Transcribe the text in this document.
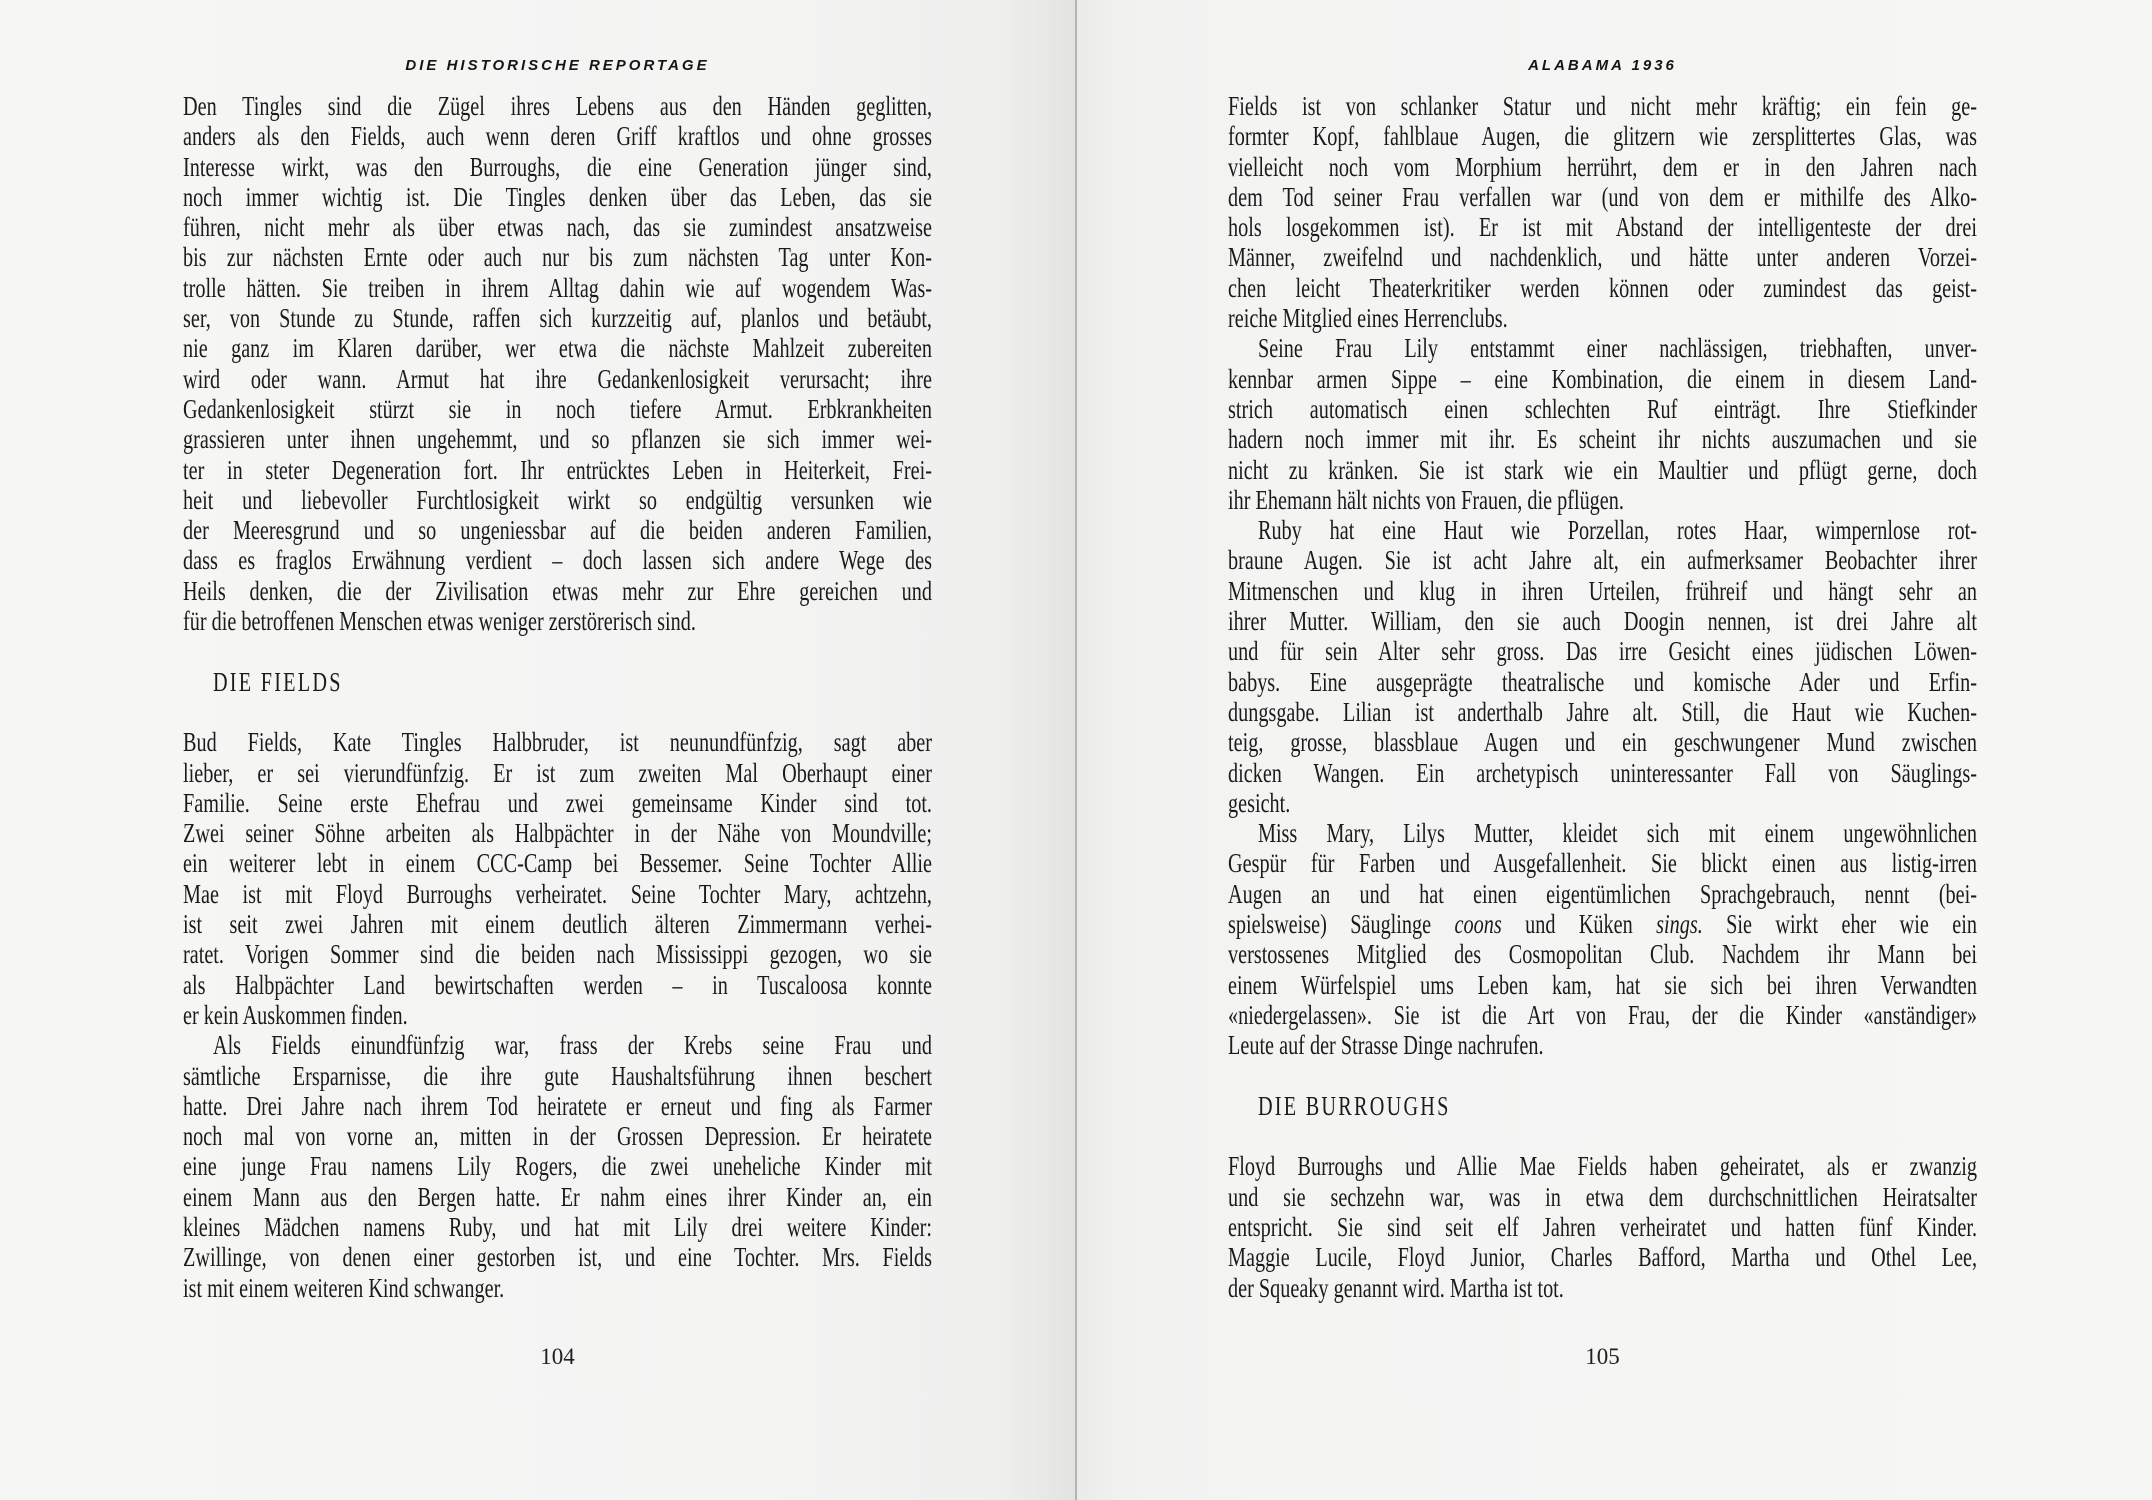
DIE HISTORISCHE REPORTAGE
Den Tingles sind die Zügel ihres Lebens aus den Händen geglitten,
anders als den Fields, auch wenn deren Griff kraftlos und ohne grosses
Interesse wirkt, was den Burroughs, die eine Generation jünger sind,
noch immer wichtig ist. Die Tingles denken über das Leben, das sie
führen, nicht mehr als über etwas nach, das sie zumindest ansatzweise
bis zur nächsten Ernte oder auch nur bis zum nächsten Tag unter Kon-
trolle hätten. Sie treiben in ihrem Alltag dahin wie auf wogendem Was-
ser, von Stunde zu Stunde, raffen sich kurzzeitig auf, planlos und betäubt,
nie ganz im Klaren darüber, wer etwa die nächste Mahlzeit zubereiten
wird oder wann. Armut hat ihre Gedankenlosigkeit verursacht; ihre
Gedankenlosigkeit stürzt sie in noch tiefere Armut. Erbkrankheiten
grassieren unter ihnen ungehemmt, und so pflanzen sie sich immer wei-
ter in steter Degeneration fort. Ihr entrücktes Leben in Heiterkeit, Frei-
heit und liebevoller Furchtlosigkeit wirkt so endgültig versunken wie
der Meeresgrund und so ungeniessbar auf die beiden anderen Familien,
dass es fraglos Erwähnung verdient – doch lassen sich andere Wege des
Heils denken, die der Zivilisation etwas mehr zur Ehre gereichen und
für die betroffenen Menschen etwas weniger zerstörerisch sind.
DIE FIELDS
Bud Fields, Kate Tingles Halbbruder, ist neunundfünfzig, sagt aber
lieber, er sei vierundfünfzig. Er ist zum zweiten Mal Oberhaupt einer
Familie. Seine erste Ehefrau und zwei gemeinsame Kinder sind tot.
Zwei seiner Söhne arbeiten als Halbpächter in der Nähe von Moundville;
ein weiterer lebt in einem CCC-Camp bei Bessemer. Seine Tochter Allie
Mae ist mit Floyd Burroughs verheiratet. Seine Tochter Mary, achtzehn,
ist seit zwei Jahren mit einem deutlich älteren Zimmermann verhei-
ratet. Vorigen Sommer sind die beiden nach Mississippi gezogen, wo sie
als Halbpächter Land bewirtschaften werden – in Tuscaloosa konnte
er kein Auskommen finden.
Als Fields einundfünfzig war, frass der Krebs seine Frau und
sämtliche Ersparnisse, die ihre gute Haushaltsführung ihnen beschert
hatte. Drei Jahre nach ihrem Tod heiratete er erneut und fing als Farmer
noch mal von vorne an, mitten in der Grossen Depression. Er heiratete
eine junge Frau namens Lily Rogers, die zwei uneheliche Kinder mit
einem Mann aus den Bergen hatte. Er nahm eines ihrer Kinder an, ein
kleines Mädchen namens Ruby, und hat mit Lily drei weitere Kinder:
Zwillinge, von denen einer gestorben ist, und eine Tochter. Mrs. Fields
ist mit einem weiteren Kind schwanger.
104
ALABAMA 1936
Fields ist von schlanker Statur und nicht mehr kräftig; ein fein ge-
formter Kopf, fahlblaue Augen, die glitzern wie zersplittertes Glas, was
vielleicht noch vom Morphium herrührt, dem er in den Jahren nach
dem Tod seiner Frau verfallen war (und von dem er mithilfe des Alko-
hols losgekommen ist). Er ist mit Abstand der intelligenteste der drei
Männer, zweifelnd und nachdenklich, und hätte unter anderen Vorzei-
chen leicht Theaterkritiker werden können oder zumindest das geist-
reiche Mitglied eines Herrenclubs.
Seine Frau Lily entstammt einer nachlässigen, triebhaften, unver-
kennbar armen Sippe – eine Kombination, die einem in diesem Land-
strich automatisch einen schlechten Ruf einträgt. Ihre Stiefkinder
hadern noch immer mit ihr. Es scheint ihr nichts auszumachen und sie
nicht zu kränken. Sie ist stark wie ein Maultier und pflügt gerne, doch
ihr Ehemann hält nichts von Frauen, die pflügen.
Ruby hat eine Haut wie Porzellan, rotes Haar, wimpernlose rot-
braune Augen. Sie ist acht Jahre alt, ein aufmerksamer Beobachter ihrer
Mitmenschen und klug in ihren Urteilen, frühreif und hängt sehr an
ihrer Mutter. William, den sie auch Doogin nennen, ist drei Jahre alt
und für sein Alter sehr gross. Das irre Gesicht eines jüdischen Löwen-
babys. Eine ausgeprägte theatralische und komische Ader und Erfin-
dungsgabe. Lilian ist anderthalb Jahre alt. Still, die Haut wie Kuchen-
teig, grosse, blassblaue Augen und ein geschwungener Mund zwischen
dicken Wangen. Ein archetypisch uninteressanter Fall von Säuglings-
gesicht.
Miss Mary, Lilys Mutter, kleidet sich mit einem ungewöhnlichen
Gespür für Farben und Ausgefallenheit. Sie blickt einen aus listig-irren
Augen an und hat einen eigentümlichen Sprachgebrauch, nennt (bei-
spielsweise) Säuglinge coons und Küken sings. Sie wirkt eher wie ein
verstossenes Mitglied des Cosmopolitan Club. Nachdem ihr Mann bei
einem Würfelspiel ums Leben kam, hat sie sich bei ihren Verwandten
«niedergelassen». Sie ist die Art von Frau, der die Kinder «anständiger»
Leute auf der Strasse Dinge nachrufen.
DIE BURROUGHS
Floyd Burroughs und Allie Mae Fields haben geheiratet, als er zwanzig
und sie sechzehn war, was in etwa dem durchschnittlichen Heiratsalter
entspricht. Sie sind seit elf Jahren verheiratet und hatten fünf Kinder.
Maggie Lucile, Floyd Junior, Charles Bafford, Martha und Othel Lee,
der Squeaky genannt wird. Martha ist tot.
105
